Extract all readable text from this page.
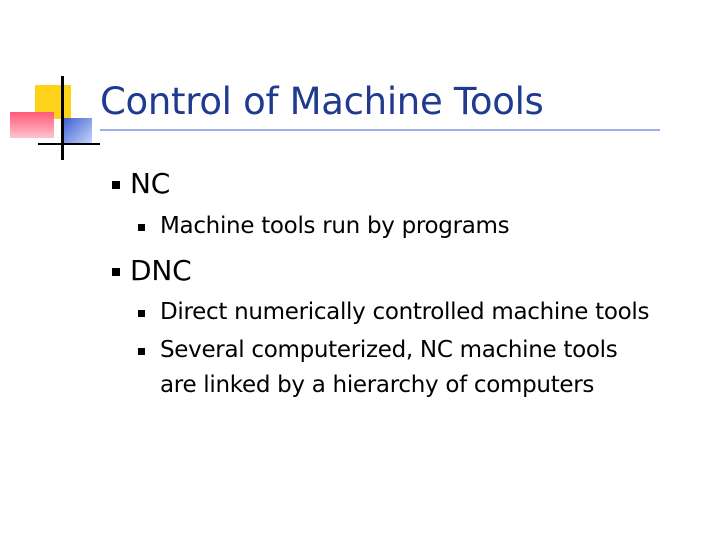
Control of Machine Tools
NC
Machine tools run by programs
DNC
Direct numerically controlled machine tools
Several computerized, NC machine tools
are linked by a hierarchy of computers
